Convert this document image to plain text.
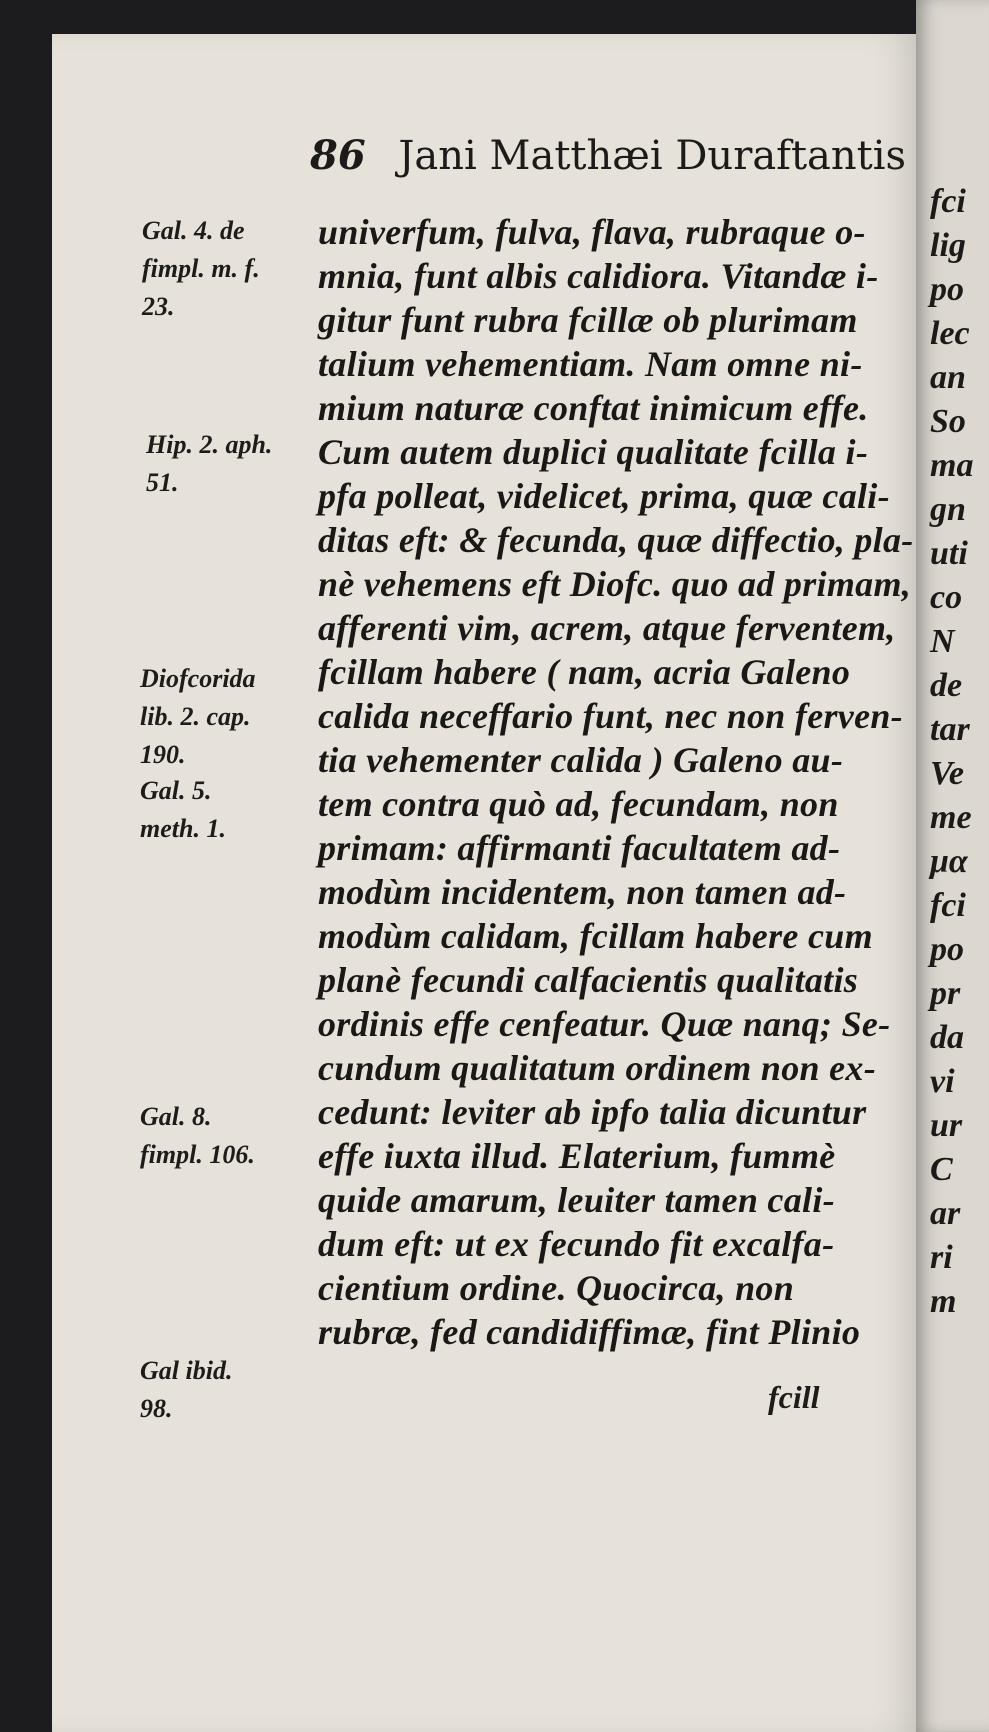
86 Jani Matthæi Duraftantis
univerfum, fulva, flava, rubraque o-
mnia, funt albis calidiora. Vitandæ i-
gitur funt rubra fcillæ ob plurimam
talium vehementiam. Nam omne ni-
mium naturæ conftat inimicum effe.
Cum autem duplici qualitate fcilla i-
pfa polleat, videlicet, prima, quæ cali-
ditas eft: & fecunda, quæ diffectio, pla-
nè vehemens eft Diofc. quo ad primam,
afferenti vim, acrem, atque ferventem,
fcillam habere ( nam, acria Galeno
calida neceffario funt, nec non ferven-
tia vehementer calida ) Galeno au-
tem contra quò ad, fecundam, non
primam: affirmanti facultatem ad-
modùm incidentem, non tamen ad-
modùm calidam, fcillam habere cum
planè fecundi calfacientis qualitatis
ordinis effe cenfeatur. Quæ nanq; Se-
cundum qualitatum ordinem non ex-
cedunt: leviter ab ipfo talia dicuntur
effe iuxta illud. Elaterium, fummè
quide amarum, leuiter tamen cali-
dum eft: ut ex fecundo fit excalfa-
cientium ordine. Quocirca, non
rubræ, fed candidiffimæ, fint Plinio
fcill
Gal. 4. de
fimpl. m. f.
23.
Hip. 2. aph.
51.
Diofcorida
lib. 2. cap.
190.
Gal. 5.
meth. 1.
Gal. 8.
fimpl. 106.
Gal ibid.
98.
fci
lig
po
lec
an
So
ma
gn
uti
co
N
de
tar
Ve
me
μα
fci
po
pr
da
vi
ur
C
ar
ri
m
